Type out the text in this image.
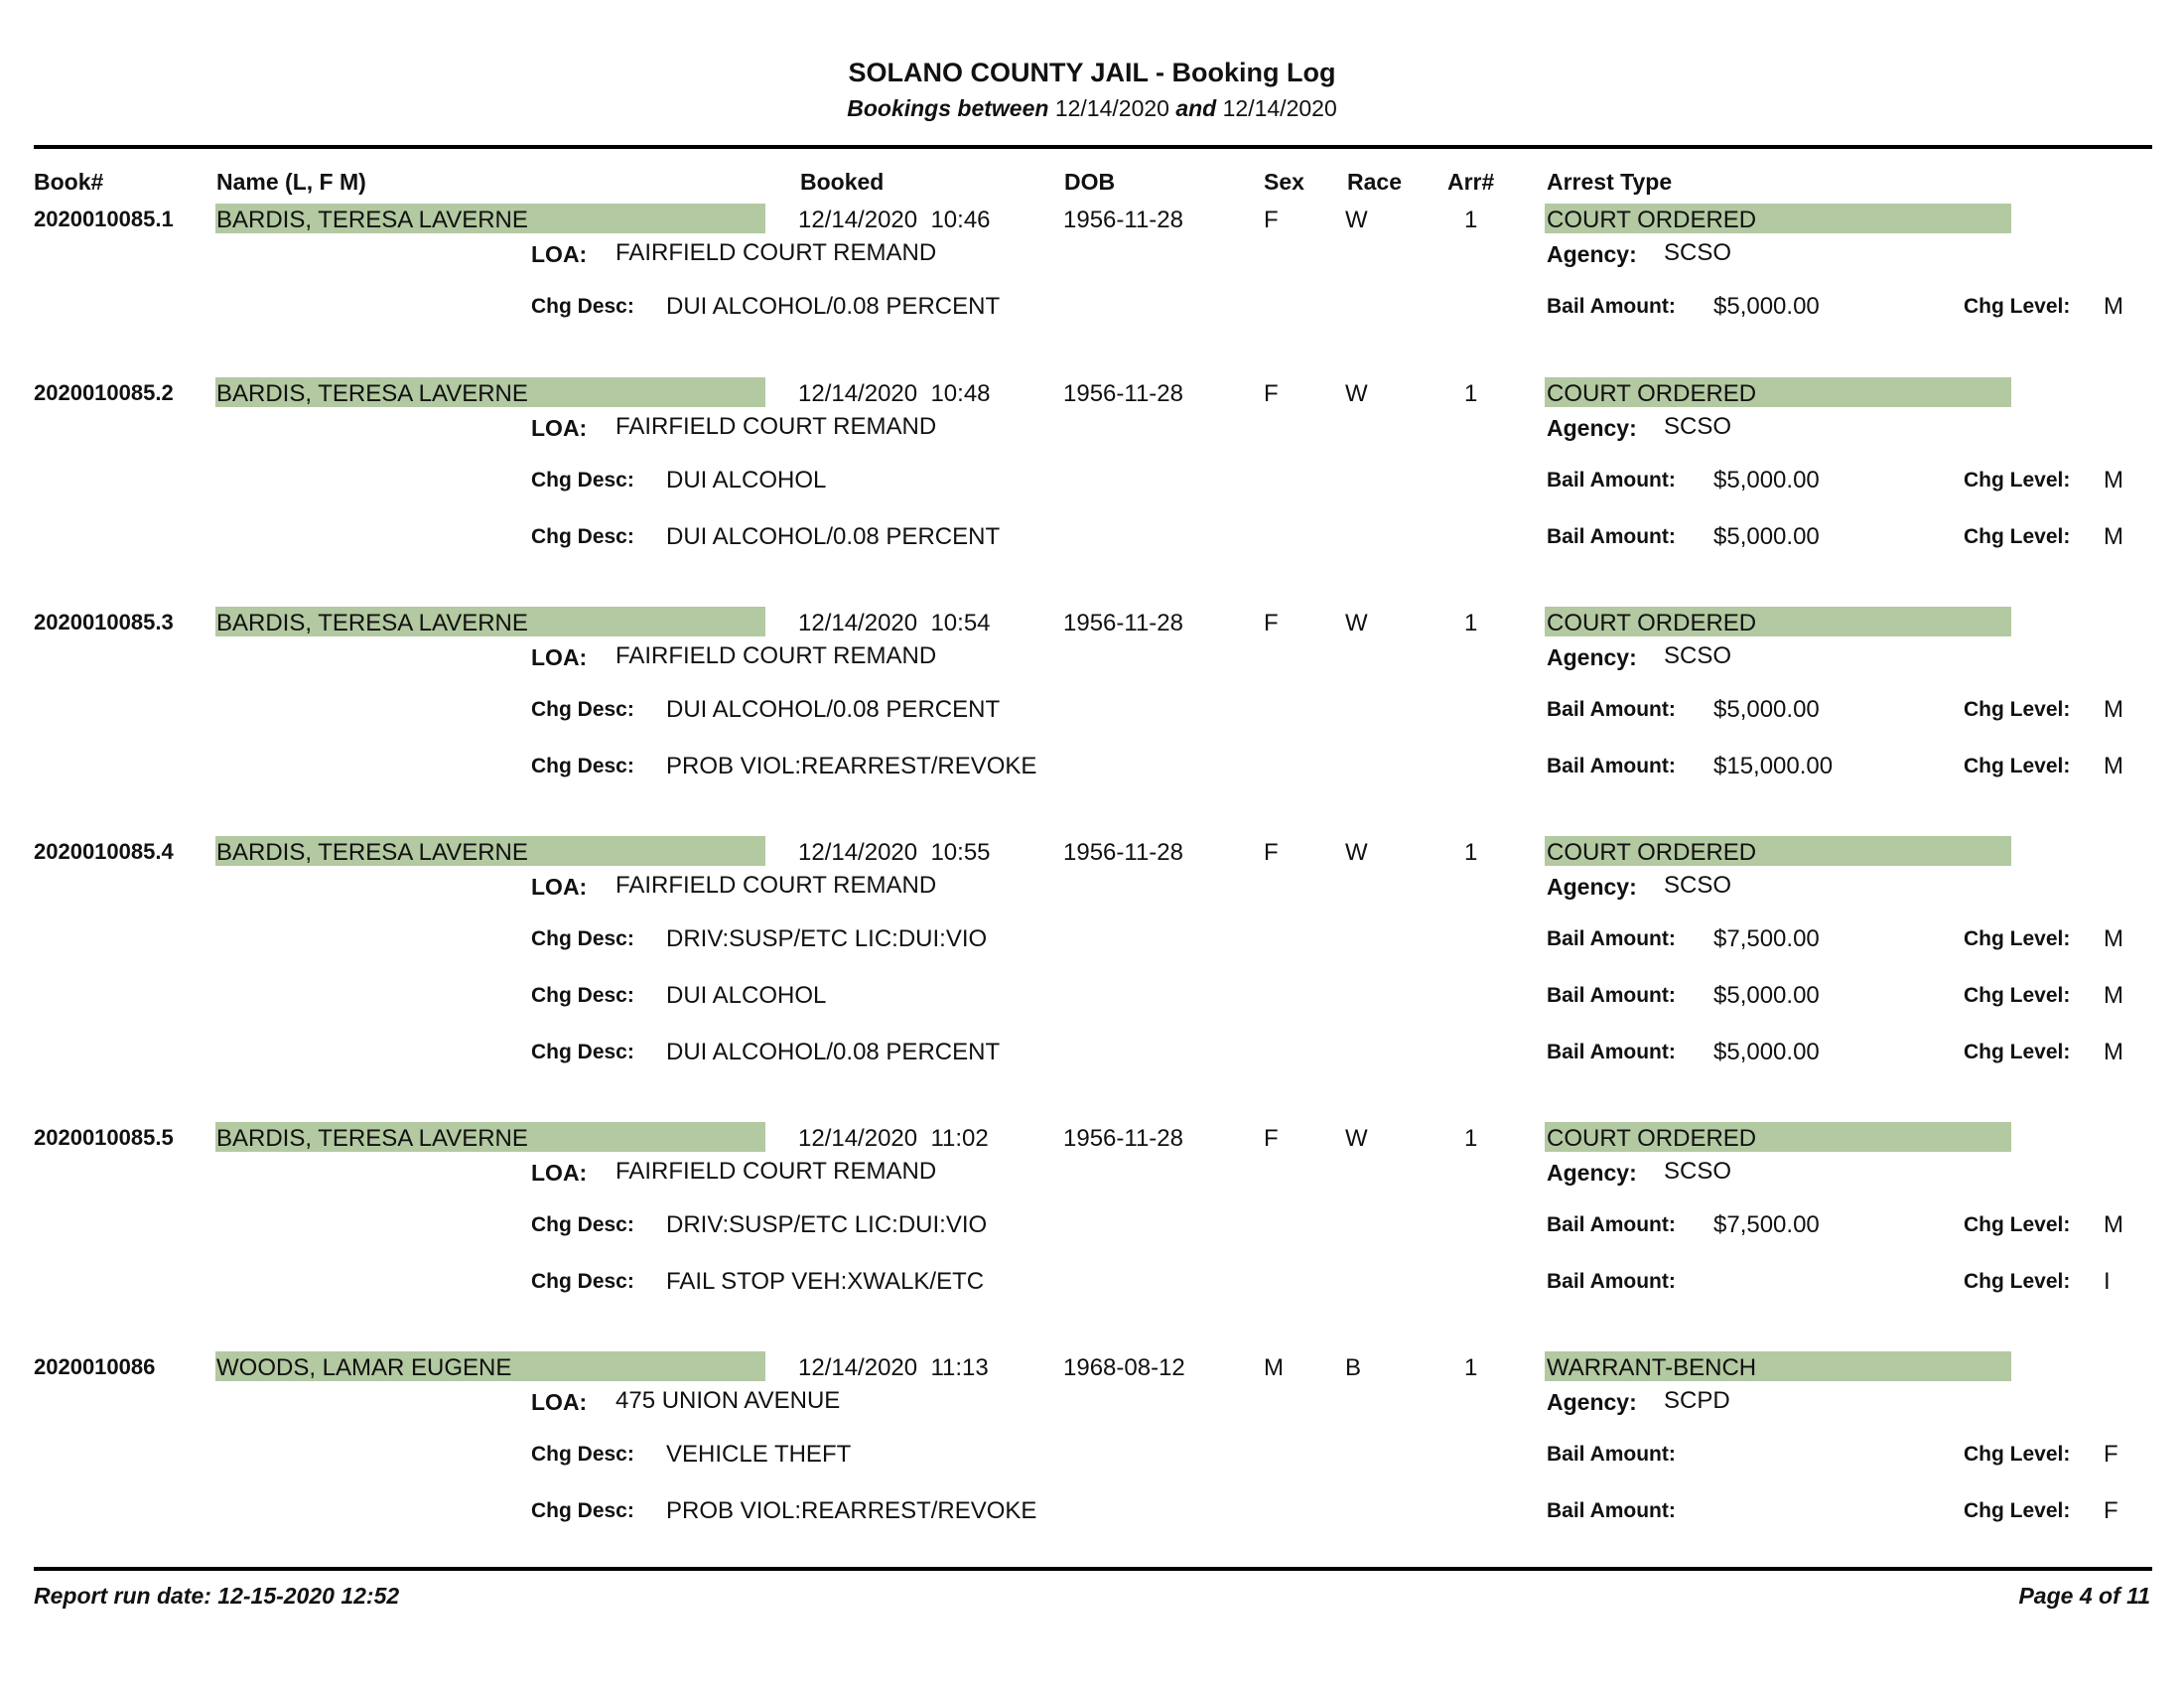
SOLANO COUNTY JAIL - Booking Log
Bookings between 12/14/2020 and 12/14/2020
Book#	Name (L, F M)	Booked	DOB	Sex Race Arr# Arrest Type
2020010085.1 BARDIS, TERESA LAVERNE	12/14/2020  10:46	1956-11-28	F	W	1	COURT ORDERED
LOA: FAIRFIELD COURT REMAND	Agency: SCSO
Chg Desc: DUI ALCOHOL/0.08 PERCENT	Bail Amount: $5,000.00	Chg Level: M
2020010085.2 BARDIS, TERESA LAVERNE	12/14/2020  10:48	1956-11-28	F	W	1	COURT ORDERED
LOA: FAIRFIELD COURT REMAND	Agency: SCSO
Chg Desc: DUI ALCOHOL	Bail Amount: $5,000.00	Chg Level: M
Chg Desc: DUI ALCOHOL/0.08 PERCENT	Bail Amount: $5,000.00	Chg Level: M
2020010085.3 BARDIS, TERESA LAVERNE	12/14/2020  10:54	1956-11-28	F	W	1	COURT ORDERED
LOA: FAIRFIELD COURT REMAND	Agency: SCSO
Chg Desc: DUI ALCOHOL/0.08 PERCENT	Bail Amount: $5,000.00	Chg Level: M
Chg Desc: PROB VIOL:REARREST/REVOKE	Bail Amount: $15,000.00	Chg Level: M
2020010085.4 BARDIS, TERESA LAVERNE	12/14/2020  10:55	1956-11-28	F	W	1	COURT ORDERED
LOA: FAIRFIELD COURT REMAND	Agency: SCSO
Chg Desc: DRIV:SUSP/ETC LIC:DUI:VIO	Bail Amount: $7,500.00	Chg Level: M
Chg Desc: DUI ALCOHOL	Bail Amount: $5,000.00	Chg Level: M
Chg Desc: DUI ALCOHOL/0.08 PERCENT	Bail Amount: $5,000.00	Chg Level: M
2020010085.5 BARDIS, TERESA LAVERNE	12/14/2020  11:02	1956-11-28	F	W	1	COURT ORDERED
LOA: FAIRFIELD COURT REMAND	Agency: SCSO
Chg Desc: DRIV:SUSP/ETC LIC:DUI:VIO	Bail Amount: $7,500.00	Chg Level: M
Chg Desc: FAIL STOP VEH:XWALK/ETC	Bail Amount:	Chg Level: I
2020010086	WOODS, LAMAR EUGENE	12/14/2020  11:13	1968-08-12	M	B	1	WARRANT-BENCH
LOA: 475 UNION AVENUE	Agency: SCPD
Chg Desc: VEHICLE THEFT	Bail Amount:	Chg Level: F
Chg Desc: PROB VIOL:REARREST/REVOKE	Bail Amount:	Chg Level: F
Report run date: 12-15-2020 12:52	Page 4 of 11
